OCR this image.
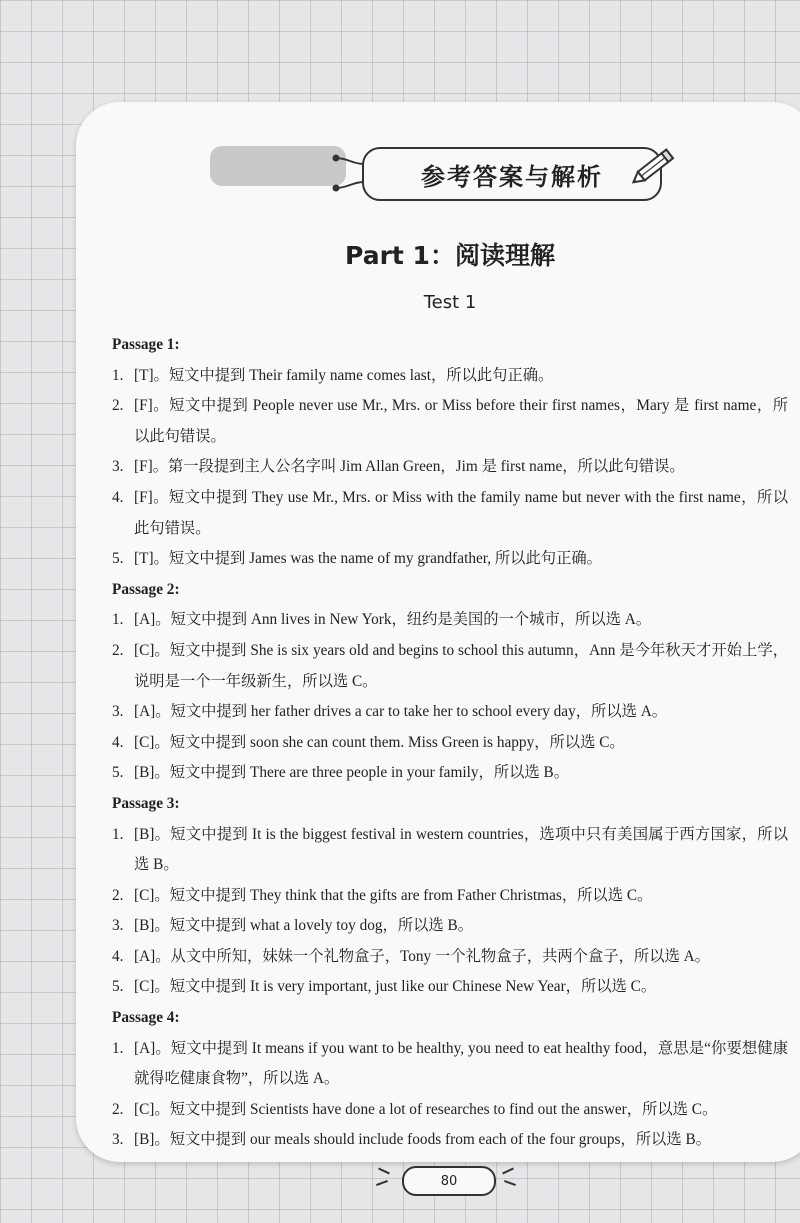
参考答案与解析
Part 1：阅读理解
Test 1

Passage 1:

1. [T]。短文中提到 Their family name comes last，所以此句正确。

2. [F]。短文中提到 People never use Mr., Mrs. or Miss before their first names，Mary 是 first name，所以此句错误。

3. [F]。第一段提到主人公名字叫 Jim Allan Green，Jim 是 first name，所以此句错误。

4. [F]。短文中提到 They use Mr., Mrs. or Miss with the family name but never with the first name，所以此句错误。

5. [T]。短文中提到 James was the name of my grandfather, 所以此句正确。

Passage 2:

1. [A]。短文中提到 Ann lives in New York，纽约是美国的一个城市，所以选 A。

2. [C]。短文中提到 She is six years old and begins to school this autumn，Ann 是今年秋天才开始上学，说明是一个一年级新生，所以选 C。

3. [A]。短文中提到 her father drives a car to take her to school every day，所以选 A。

4. [C]。短文中提到 soon she can count them. Miss Green is happy，所以选 C。

5. [B]。短文中提到 There are three people in your family，所以选 B。

Passage 3:

1. [B]。短文中提到 It is the biggest festival in western countries，选项中只有美国属于西方国家，所以选 B。

2. [C]。短文中提到 They think that the gifts are from Father Christmas，所以选 C。

3. [B]。短文中提到 what a lovely toy dog，所以选 B。

4. [A]。从文中所知，妹妹一个礼物盒子，Tony 一个礼物盒子，共两个盒子，所以选 A。

5. [C]。短文中提到 It is very important, just like our Chinese New Year，所以选 C。

Passage 4:

1. [A]。短文中提到 It means if you want to be healthy, you need to eat healthy food，意思是“你要想健康就得吃健康食物”，所以选 A。

2. [C]。短文中提到 Scientists have done a lot of researches to find out the answer，所以选 C。

3. [B]。短文中提到 our meals should include foods from each of the four groups，所以选 B。

80
